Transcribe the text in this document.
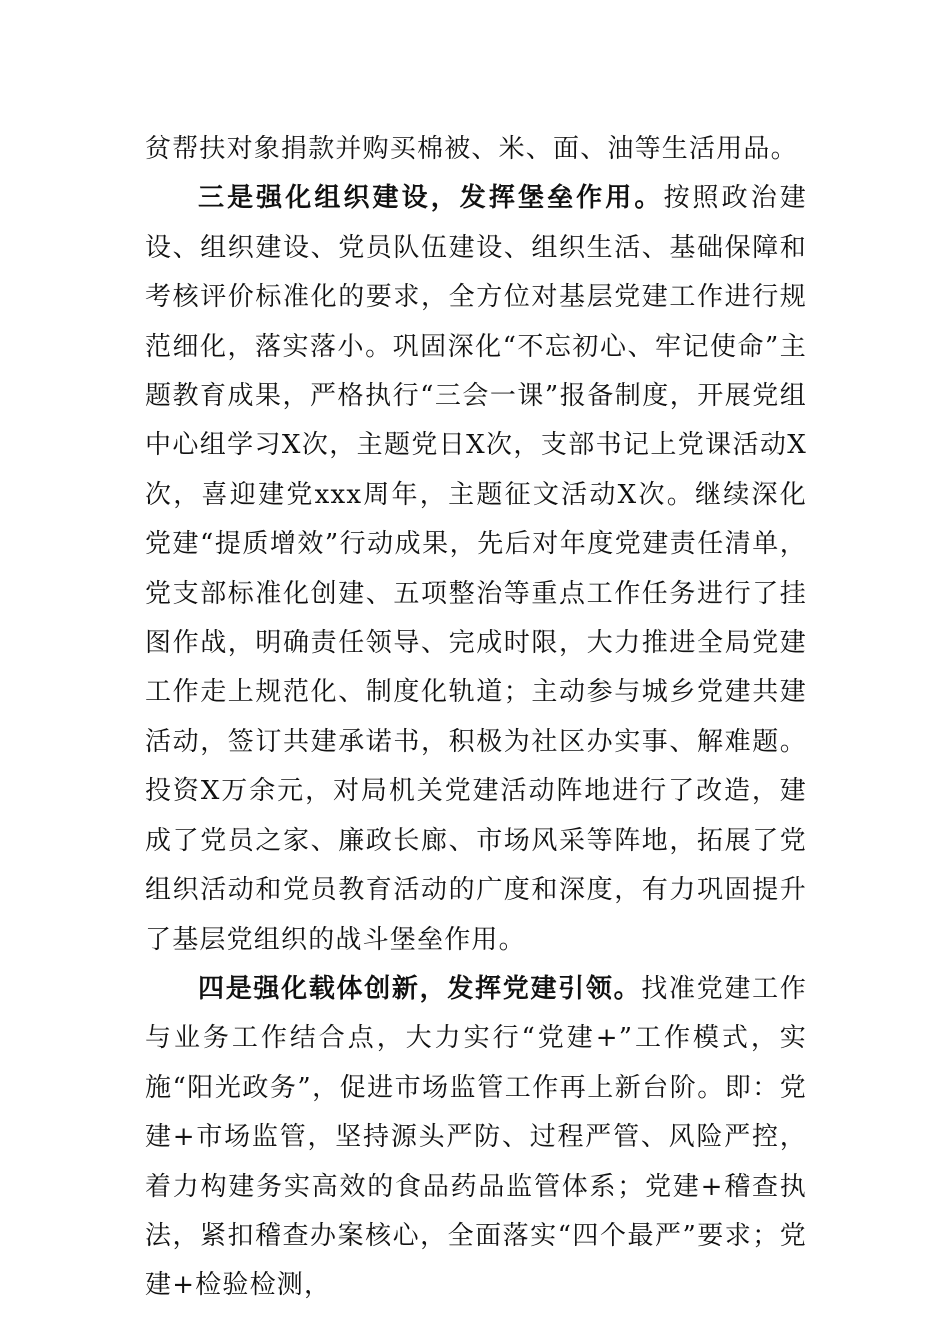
贫帮扶对象捐款并购买棉被、米、面、油等生活用品。

三是强化组织建设，发挥堡垒作用。按照政治建设、组织建设、党员队伍建设、组织生活、基础保障和考核评价标准化的要求，全方位对基层党建工作进行规范细化，落实落小。巩固深化“不忘初心、牢记使命”主题教育成果，严格执行“三会一课”报备制度，开展党组中心组学习X次，主题党日X次，支部书记上党课活动X次，喜迎建党xxx周年，主题征文活动X次。继续深化党建“提质增效”行动成果，先后对年度党建责任清单，党支部标准化创建、五项整治等重点工作任务进行了挂图作战，明确责任领导、完成时限，大力推进全局党建工作走上规范化、制度化轨道；主动参与城乡党建共建活动，签订共建承诺书，积极为社区办实事、解难题。投资X万余元，对局机关党建活动阵地进行了改造，建成了党员之家、廉政长廊、市场风采等阵地，拓展了党组织活动和党员教育活动的广度和深度，有力巩固提升了基层党组织的战斗堡垒作用。

四是强化载体创新，发挥党建引领。找准党建工作与业务工作结合点，大力实行“党建+”工作模式，实施“阳光政务”，促进市场监管工作再上新台阶。即：党建+市场监管，坚持源头严防、过程严管、风险严控，着力构建务实高效的食品药品监管体系；党建+稽查执法，紧扣稽查办案核心，全面落实“四个最严”要求；党建+检验检测，
